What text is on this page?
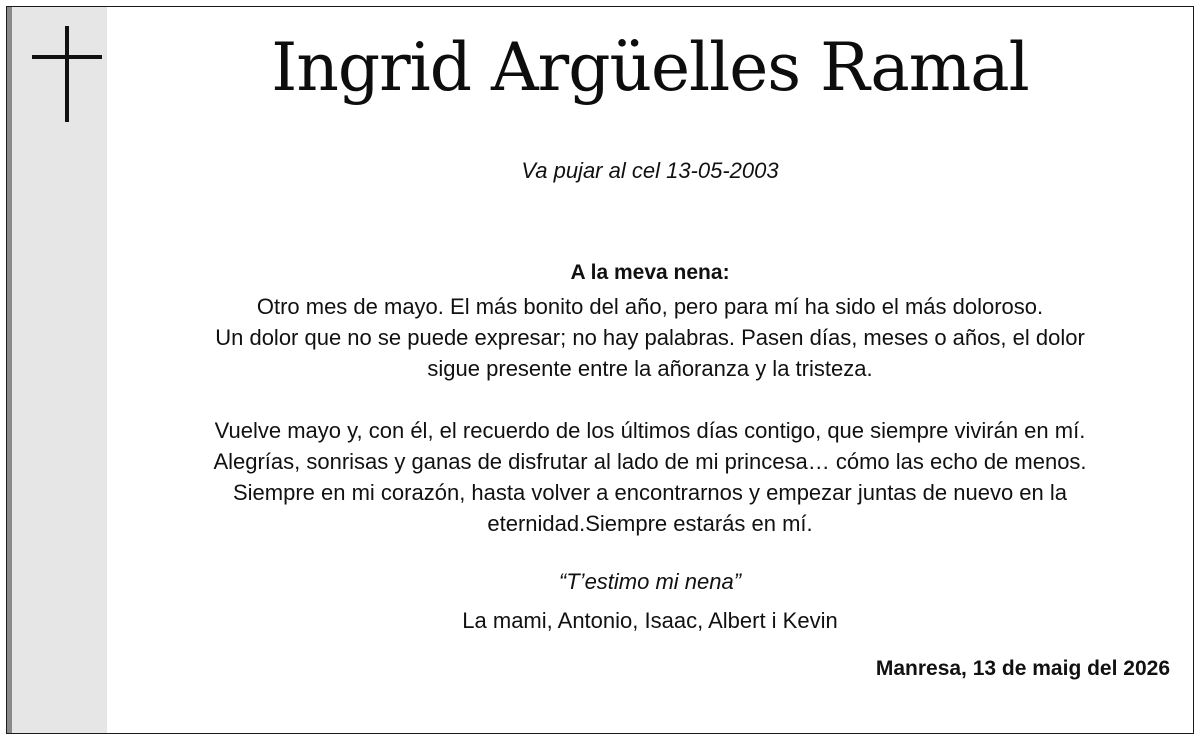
Ingrid Argüelles Ramal
Va pujar al cel 13-05-2003
A la meva nena:
Otro mes de mayo. El más bonito del año, pero para mí ha sido el más doloroso.
Un dolor que no se puede expresar; no hay palabras. Pasen días, meses o años, el dolor
sigue presente entre la añoranza y la tristeza.
Vuelve mayo y, con él, el recuerdo de los últimos días contigo, que siempre vivirán en mí.
Alegrías, sonrisas y ganas de disfrutar al lado de mi princesa… cómo las echo de menos.
Siempre en mi corazón, hasta volver a encontrarnos y empezar juntas de nuevo en la
eternidad.Siempre estarás en mí.
“T’estimo mi nena”
La mami, Antonio, Isaac, Albert i Kevin
Manresa, 13 de maig del 2026
